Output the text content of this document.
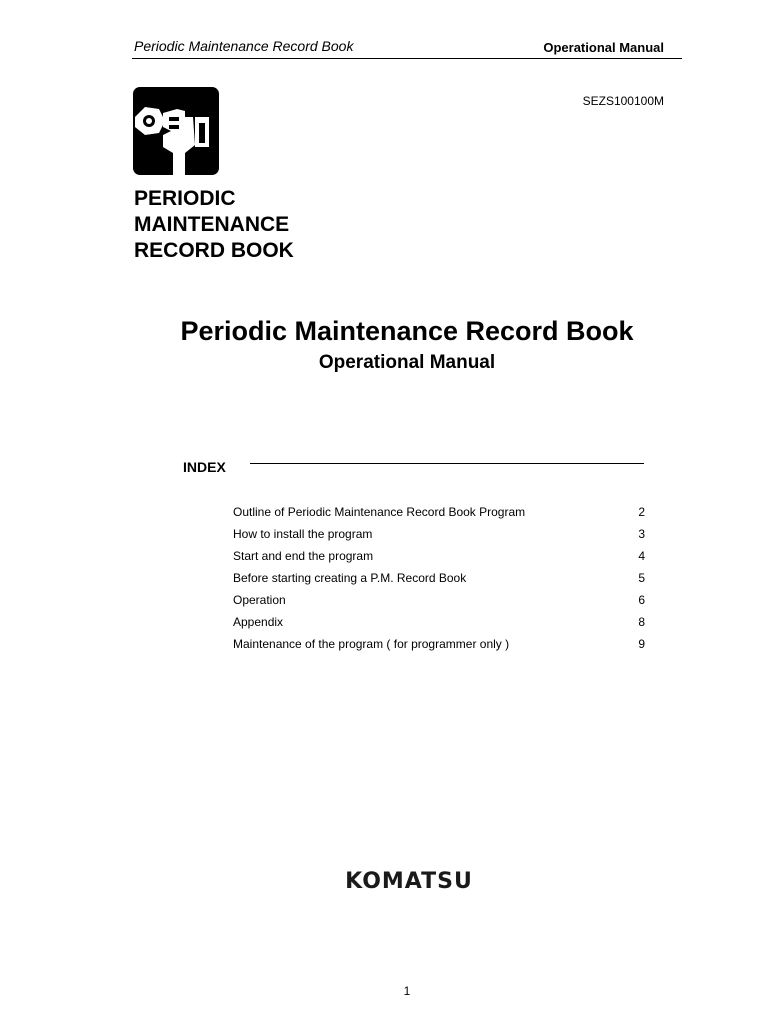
Periodic Maintenance Record Book	Operational Manual
SEZS100100M
PERIODIC
MAINTENANCE
RECORD BOOK
Periodic Maintenance Record Book
Operational Manual
INDEX
Outline of Periodic Maintenance Record Book Program	2
How to install the program	3
Start and end the program	4
Before starting creating a P.M. Record Book	5
Operation	6
Appendix	8
Maintenance of the program ( for programmer only )	9
KOMATSU
1
